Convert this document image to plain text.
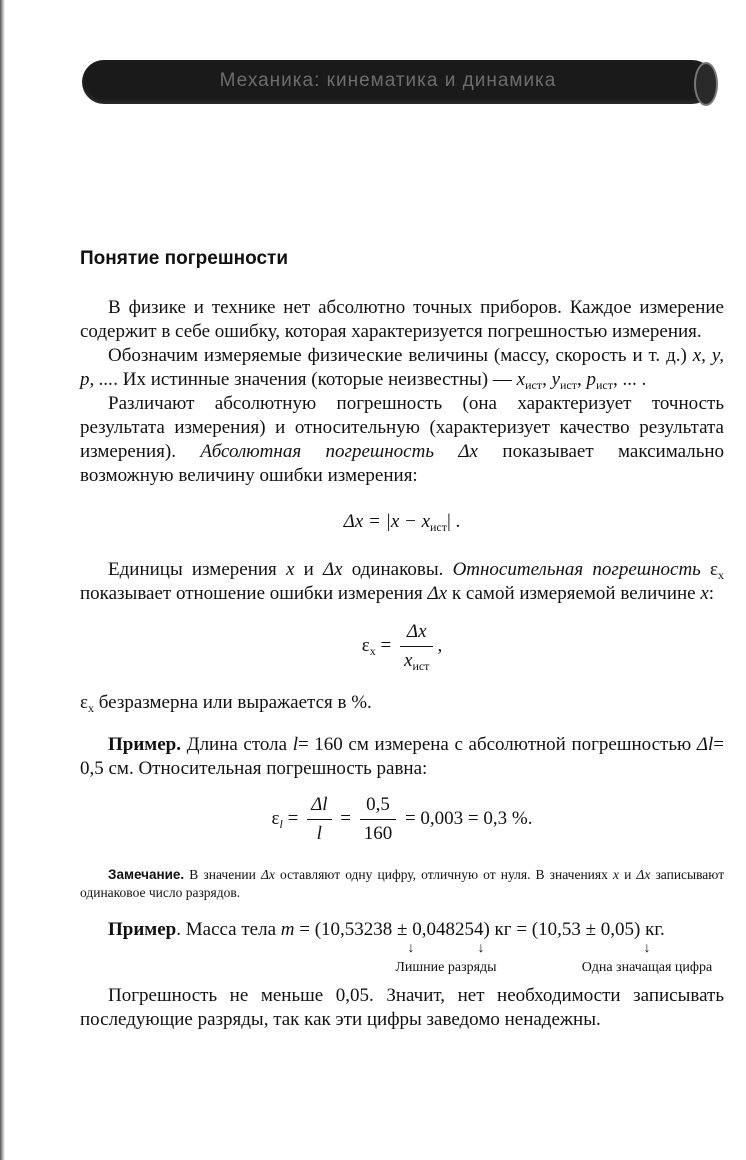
Механика: кинематика и динамика
Понятие погрешности

В физике и технике нет абсолютно точных приборов. Каждое измерение содержит в себе ошибку, которая характеризуется погрешностью измерения.

Обозначим измеряемые физические величины (массу, скорость и т. д.) x, y, p, .... Их истинные значения (которые неизвестны) — $x_{ист}$, $y_{ист}$, $p_{ист}$, ... .

Различают абсолютную погрешность (она характеризует точность результата измерения) и относительную (характеризует качество результата измерения). Абсолютная погрешность Δx показывает максимально возможную величину ошибки измерения:

$\Delta x = |x - x_{ист}|$ .

Единицы измерения x и Δx одинаковы. Относительная погрешность $\varepsilon_x$ показывает отношение ошибки измерения Δx к самой измеряемой величине x:

$\varepsilon_x = \frac{\Delta x}{x_{ист}}$ ,

$\varepsilon_x$ безразмерна или выражается в %.

Пример. Длина стола l= 160 см измерена с абсолютной погрешностью Δl= 0,5 см. Относительная погрешность равна:

$\varepsilon_l = \frac{\Delta l}{l} = \frac{0,5}{160} = 0,003 = 0,3$ %.

Замечание. В значении Δx оставляют одну цифру, отличную от нуля. В значениях x и Δx записывают одинаковое число разрядов.

Пример. Масса тела m = (10,53238 ± 0,048254) кг = (10,53 ± 0,05) кг.

↓                  ↓
Лишние разряды
↓
Одна значащая цифра

Погрешность не меньше 0,05. Значит, нет необходимости записывать последующие разряды, так как эти цифры заведомо ненадежны.
